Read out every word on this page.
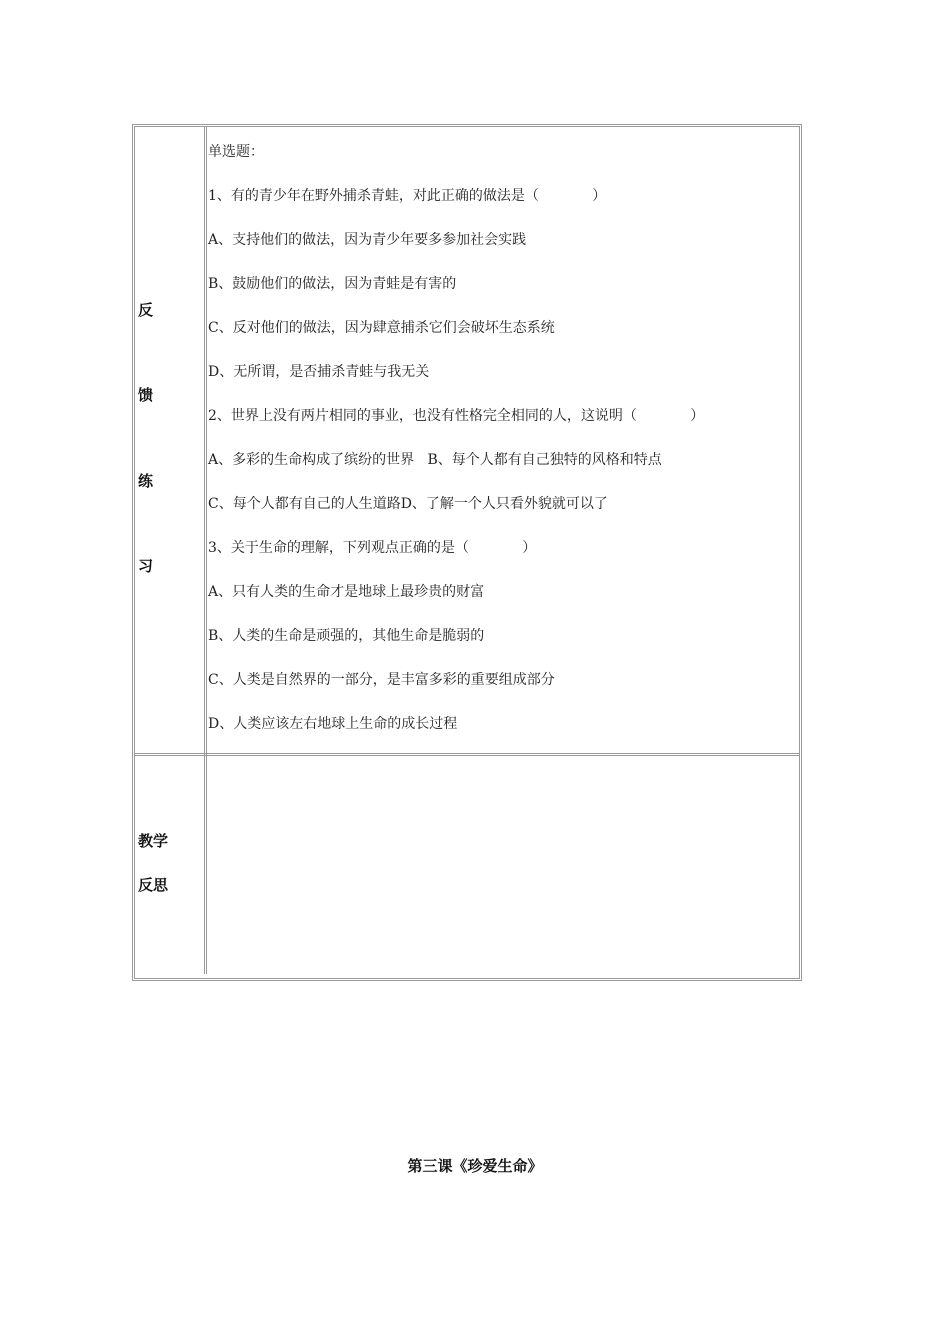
反
馈
练
习
单选题：
1、有的青少年在野外捕杀青蛙，对此正确的做法是（            ）
A、支持他们的做法，因为青少年要多参加社会实践
B、鼓励他们的做法，因为青蛙是有害的
C、反对他们的做法，因为肆意捕杀它们会破坏生态系统
D、无所谓，是否捕杀青蛙与我无关
2、世界上没有两片相同的事业，也没有性格完全相同的人，这说明（            ）
A、多彩的生命构成了缤纷的世界   B、每个人都有自己独特的风格和特点
C、每个人都有自己的人生道路D、了解一个人只看外貌就可以了
3、关于生命的理解，下列观点正确的是（            ）
A、只有人类的生命才是地球上最珍贵的财富
B、人类的生命是顽强的，其他生命是脆弱的
C、人类是自然界的一部分，是丰富多彩的重要组成部分
D、人类应该左右地球上生命的成长过程
教学
反思
第三课《珍爱生命》
